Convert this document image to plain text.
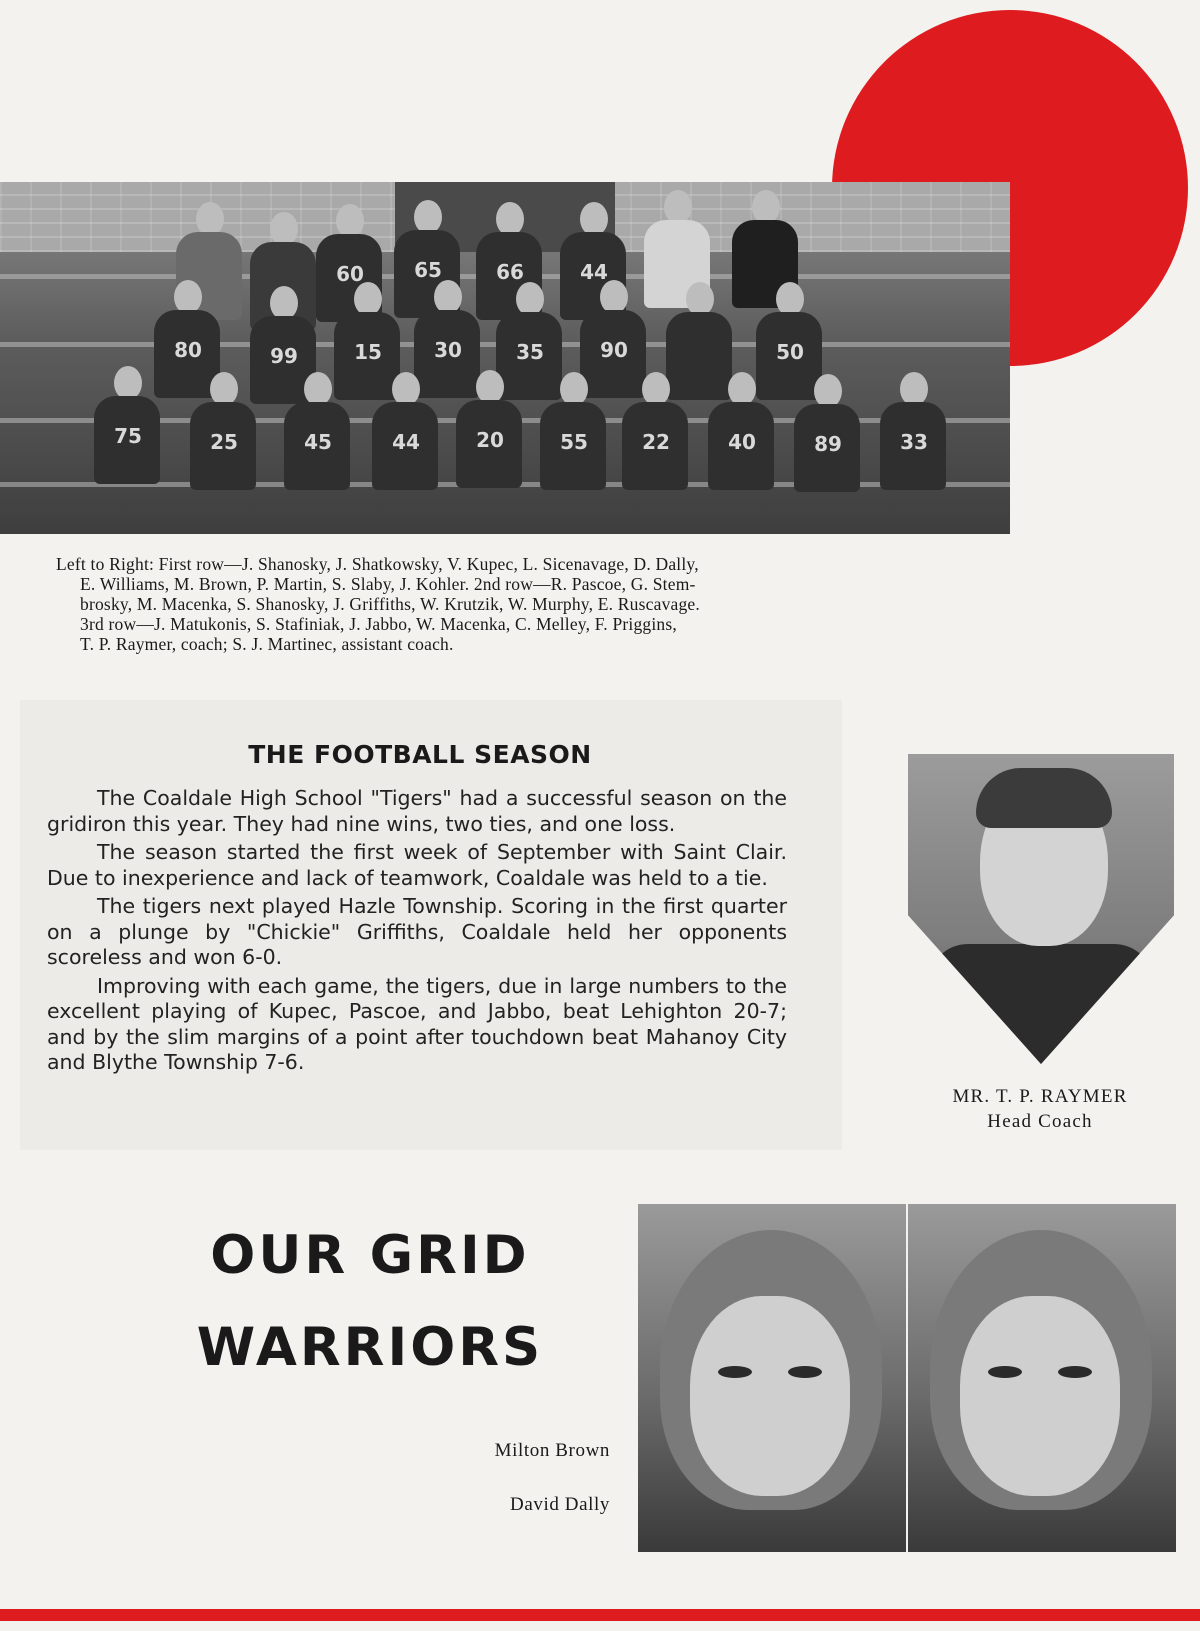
60	65	66	44
80	99	15	30	35	90	50
75	25	45	44	20	55	22	40	89	33

Left to Right: First row—J. Shanosky, J. Shatkowsky, V. Kupec, L. Sicenavage, D. Dally,

E. Williams, M. Brown, P. Martin, S. Slaby, J. Kohler. 2nd row—R. Pascoe, G. Stem-

brosky, M. Macenka, S. Shanosky, J. Griffiths, W. Krutzik, W. Murphy, E. Ruscavage.

3rd row—J. Matukonis, S. Stafiniak, J. Jabbo, W. Macenka, C. Melley, F. Priggins,

T. P. Raymer, coach; S. J. Martinec, assistant coach.

THE FOOTBALL SEASON

The Coaldale High School "Tigers" had a successful season on the gridiron this year. They had nine wins, two ties, and one loss.

The season started the first week of September with Saint Clair. Due to inexperience and lack of teamwork, Coaldale was held to a tie.

The tigers next played Hazle Township. Scoring in the first quarter on a plunge by "Chickie" Griffiths, Coaldale held her opponents scoreless and won 6-0.

Improving with each game, the tigers, due in large numbers to the excellent playing of Kupec, Pascoe, and Jabbo, beat Lehighton 20-7; and by the slim margins of a point after touchdown beat Mahanoy City and Blythe Township 7-6.

MR. T. P. RAYMER
Head Coach
OUR GRID
WARRIORS
Milton Brown
David Dally
